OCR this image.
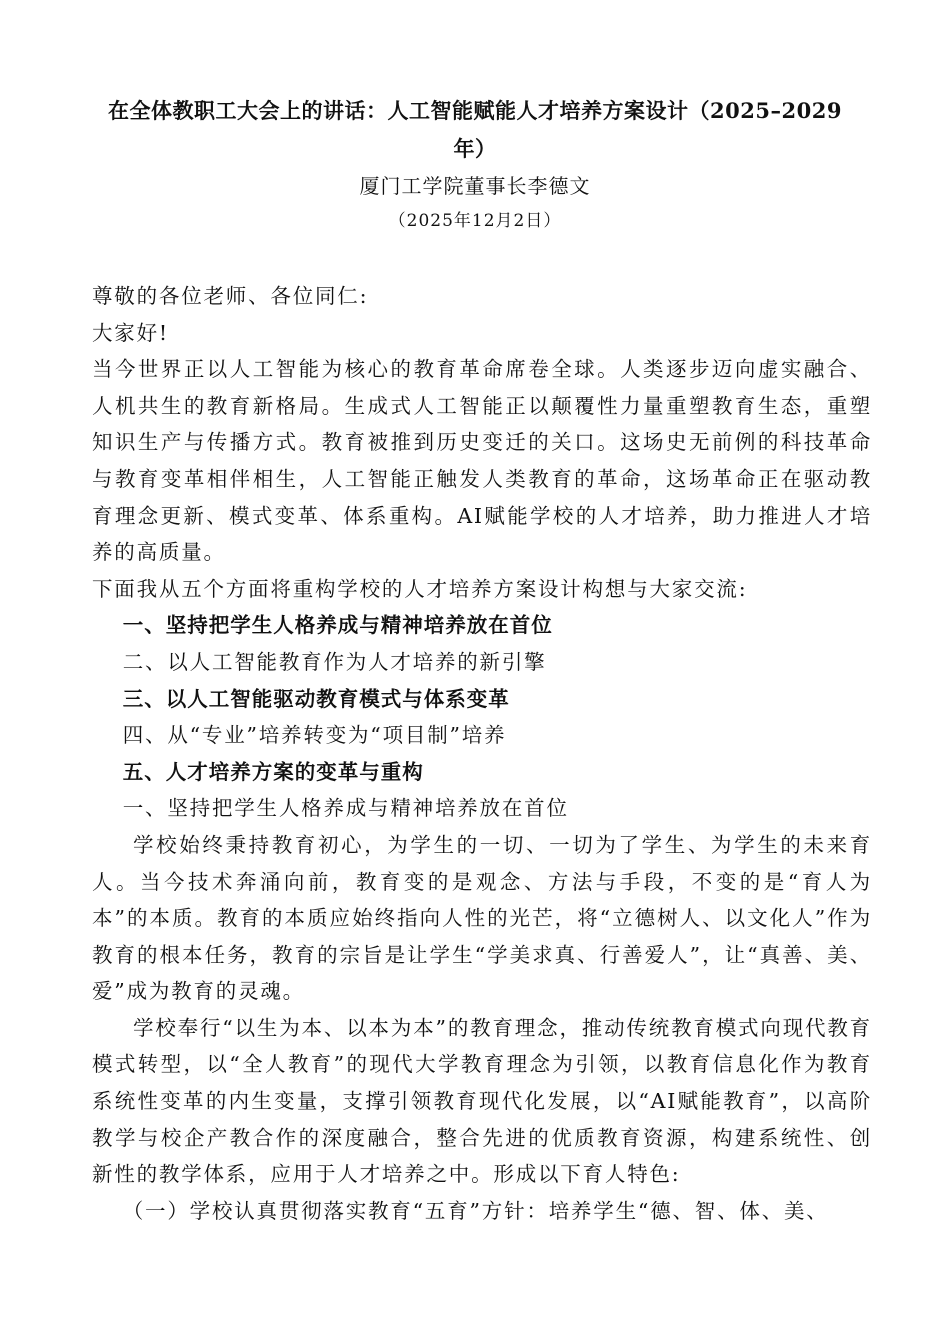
在全体教职工大会上的讲话：人工智能赋能人才培养方案设计（2025–2029年）
厦门工学院董事长李德文
（2025年12月2日）

尊敬的各位老师、各位同仁:

大家好!

当今世界正以人工智能为核心的教育革命席卷全球。人类逐步迈向虚实融合、人机共生的教育新格局。生成式人工智能正以颠覆性力量重塑教育生态，重塑知识生产与传播方式。教育被推到历史变迁的关口。这场史无前例的科技革命与教育变革相伴相生，人工智能正触发人类教育的革命，这场革命正在驱动教育理念更新、模式变革、体系重构。AI赋能学校的人才培养，助力推进人才培养的高质量。

下面我从五个方面将重构学校的人才培养方案设计构想与大家交流:

一、坚持把学生人格养成与精神培养放在首位

二、以人工智能教育作为人才培养的新引擎

三、以人工智能驱动教育模式与体系变革

四、从“专业”培养转变为“项目制”培养

五、人才培养方案的变革与重构

一、坚持把学生人格养成与精神培养放在首位

学校始终秉持教育初心，为学生的一切、一切为了学生、为学生的未来育人。当今技术奔涌向前，教育变的是观念、方法与手段，不变的是“育人为本”的本质。教育的本质应始终指向人性的光芒，将“立德树人、以文化人”作为教育的根本任务，教育的宗旨是让学生“学美求真、行善爱人”，让“真善、美、爱”成为教育的灵魂。

学校奉行“以生为本、以本为本”的教育理念，推动传统教育模式向现代教育模式转型，以“全人教育”的现代大学教育理念为引领，以教育信息化作为教育系统性变革的内生变量，支撑引领教育现代化发展，以“AI赋能教育”，以高阶教学与校企产教合作的深度融合，整合先进的优质教育资源，构建系统性、创新性的教学体系，应用于人才培养之中。形成以下育人特色:

（一）学校认真贯彻落实教育“五育”方针：培养学生“德、智、体、美、
